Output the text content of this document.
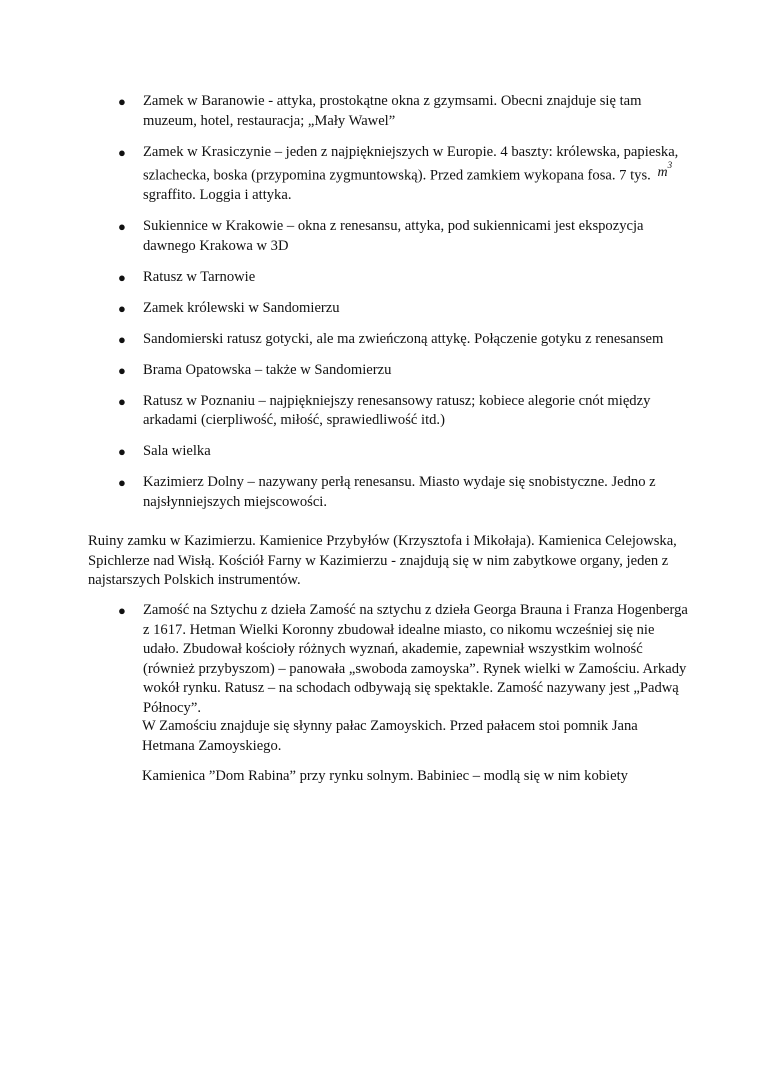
● Zamek w Baranowie - attyka, prostokątne okna z gzymsami. Obecni znajduje się tam muzeum, hotel, restauracja; „Mały Wawel”
● Zamek w Krasiczynie – jeden z najpiękniejszych w Europie. 4 baszty: królewska, papieska, szlachecka, boska (przypomina zygmuntowską). Przed zamkiem wykopana fosa. 7 tys. $m^3$ sgraffito. Loggia i attyka.
● Sukiennice w Krakowie – okna z renesansu, attyka, pod sukiennicami jest ekspozycja dawnego Krakowa w 3D
● Ratusz w Tarnowie
● Zamek królewski w Sandomierzu
● Sandomierski ratusz gotycki, ale ma zwieńczoną attykę. Połączenie gotyku z renesansem
● Brama Opatowska – także w Sandomierzu
● Ratusz w Poznaniu – najpiękniejszy renesansowy ratusz; kobiece alegorie cnót między arkadami (cierpliwość, miłość, sprawiedliwość itd.)
● Sala wielka
● Kazimierz Dolny – nazywany perłą renesansu. Miasto wydaje się snobistyczne. Jedno z najsłynniejszych miejscowości.

Ruiny zamku w Kazimierzu. Kamienice Przybyłów (Krzysztofa i Mikołaja). Kamienica Celejowska, Spichlerze nad Wisłą. Kościół Farny w Kazimierzu - znajdują się w nim zabytkowe organy, jeden z najstarszych Polskich instrumentów.

● Zamość na Sztychu z dzieła Zamość na sztychu z dzieła Georga Brauna i Franza Hogenberga z 1617. Hetman Wielki Koronny zbudował idealne miasto, co nikomu wcześniej się nie udało. Zbudował kościoły różnych wyznań, akademie, zapewniał wszystkim wolność (również przybyszom) – panowała „swoboda zamoyska”. Rynek wielki w Zamościu. Arkady wokół rynku. Ratusz – na schodach odbywają się spektakle. Zamość nazywany jest „Padwą Północy”.

W Zamościu znajduje się słynny pałac Zamoyskich. Przed pałacem stoi pomnik Jana Hetmana Zamoyskiego.

Kamienica ”Dom Rabina” przy rynku solnym. Babiniec – modlą się w nim kobiety
